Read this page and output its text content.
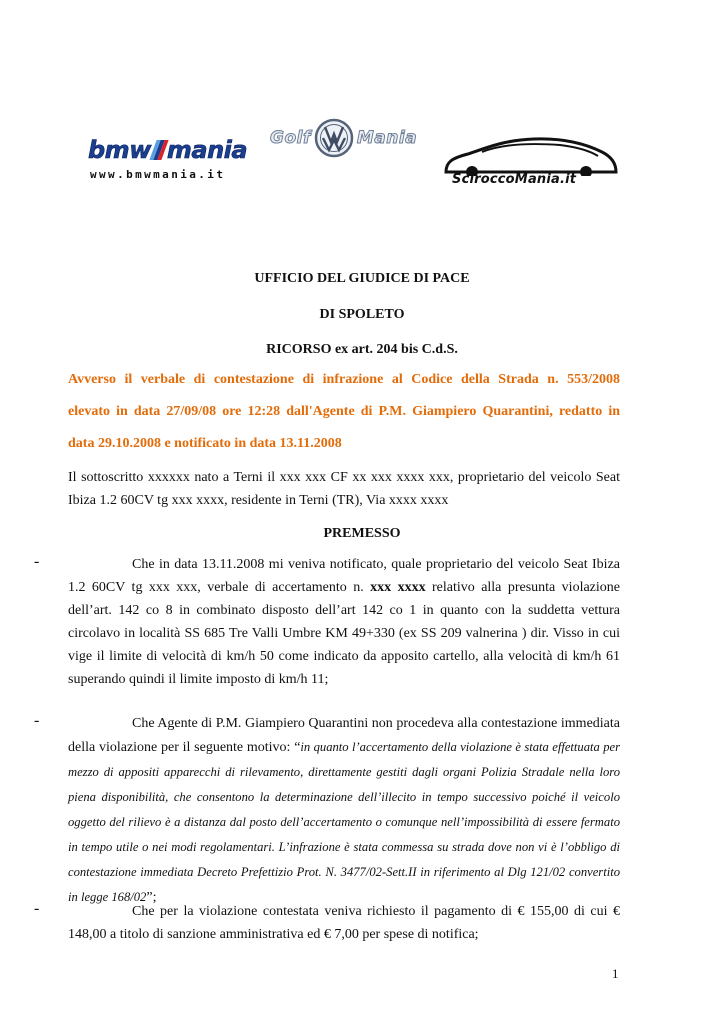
bmw mania
www.bmwmania.it
Golf	Mania
SciroccoMania.it
UFFICIO DEL GIUDICE DI PACE
DI SPOLETO
RICORSO ex art. 204 bis C.d.S.
Avverso il verbale di contestazione di infrazione al Codice della Strada n. 553/2008
elevato in data 27/09/08 ore 12:28 dall'Agente di P.M. Giampiero Quarantini, redatto in
data 29.10.2008 e notificato in data 13.11.2008
Il sottoscritto xxxxxx nato a Terni il xxx xxx CF xx xxx xxxx xxx, proprietario del veicolo Seat Ibiza 1.2 60CV tg xxx xxxx, residente in Terni (TR), Via xxxx xxxx
PREMESSO
-	Che in data 13.11.2008 mi veniva notificato, quale proprietario del veicolo Seat Ibiza 1.2 60CV tg xxx xxx, verbale di accertamento n. xxx xxxx relativo alla presunta violazione dell’art. 142 co 8 in combinato disposto dell’art 142 co 1 in quanto con la suddetta vettura circolavo in località SS 685 Tre Valli Umbre KM 49+330 (ex SS 209 valnerina ) dir. Visso in cui vige il limite di velocità di km/h 50 come indicato da apposito cartello, alla velocità di km/h 61 superando quindi il limite imposto di km/h 11;
-	Che Agente di P.M. Giampiero Quarantini non procedeva alla contestazione immediata della violazione per il seguente motivo: “in quanto l’accertamento della violazione è stata effettuata per mezzo di appositi apparecchi di rilevamento, direttamente gestiti dagli organi Polizia Stradale nella loro piena disponibilità, che consentono la determinazione dell’illecito in tempo successivo poiché il veicolo oggetto del rilievo è a distanza dal posto dell’accertamento o comunque nell’impossibilità di essere fermato in tempo utile o nei modi regolamentari. L’infrazione è stata commessa su strada dove non vi è l’obbligo di contestazione immediata Decreto Prefettizio Prot. N. 3477/02-Sett.II in riferimento al Dlg 121/02 convertito in legge 168/02”;
-	Che per la violazione contestata veniva richiesto il pagamento di € 155,00 di cui € 148,00 a titolo di sanzione amministrativa ed € 7,00 per spese di notifica;
1
